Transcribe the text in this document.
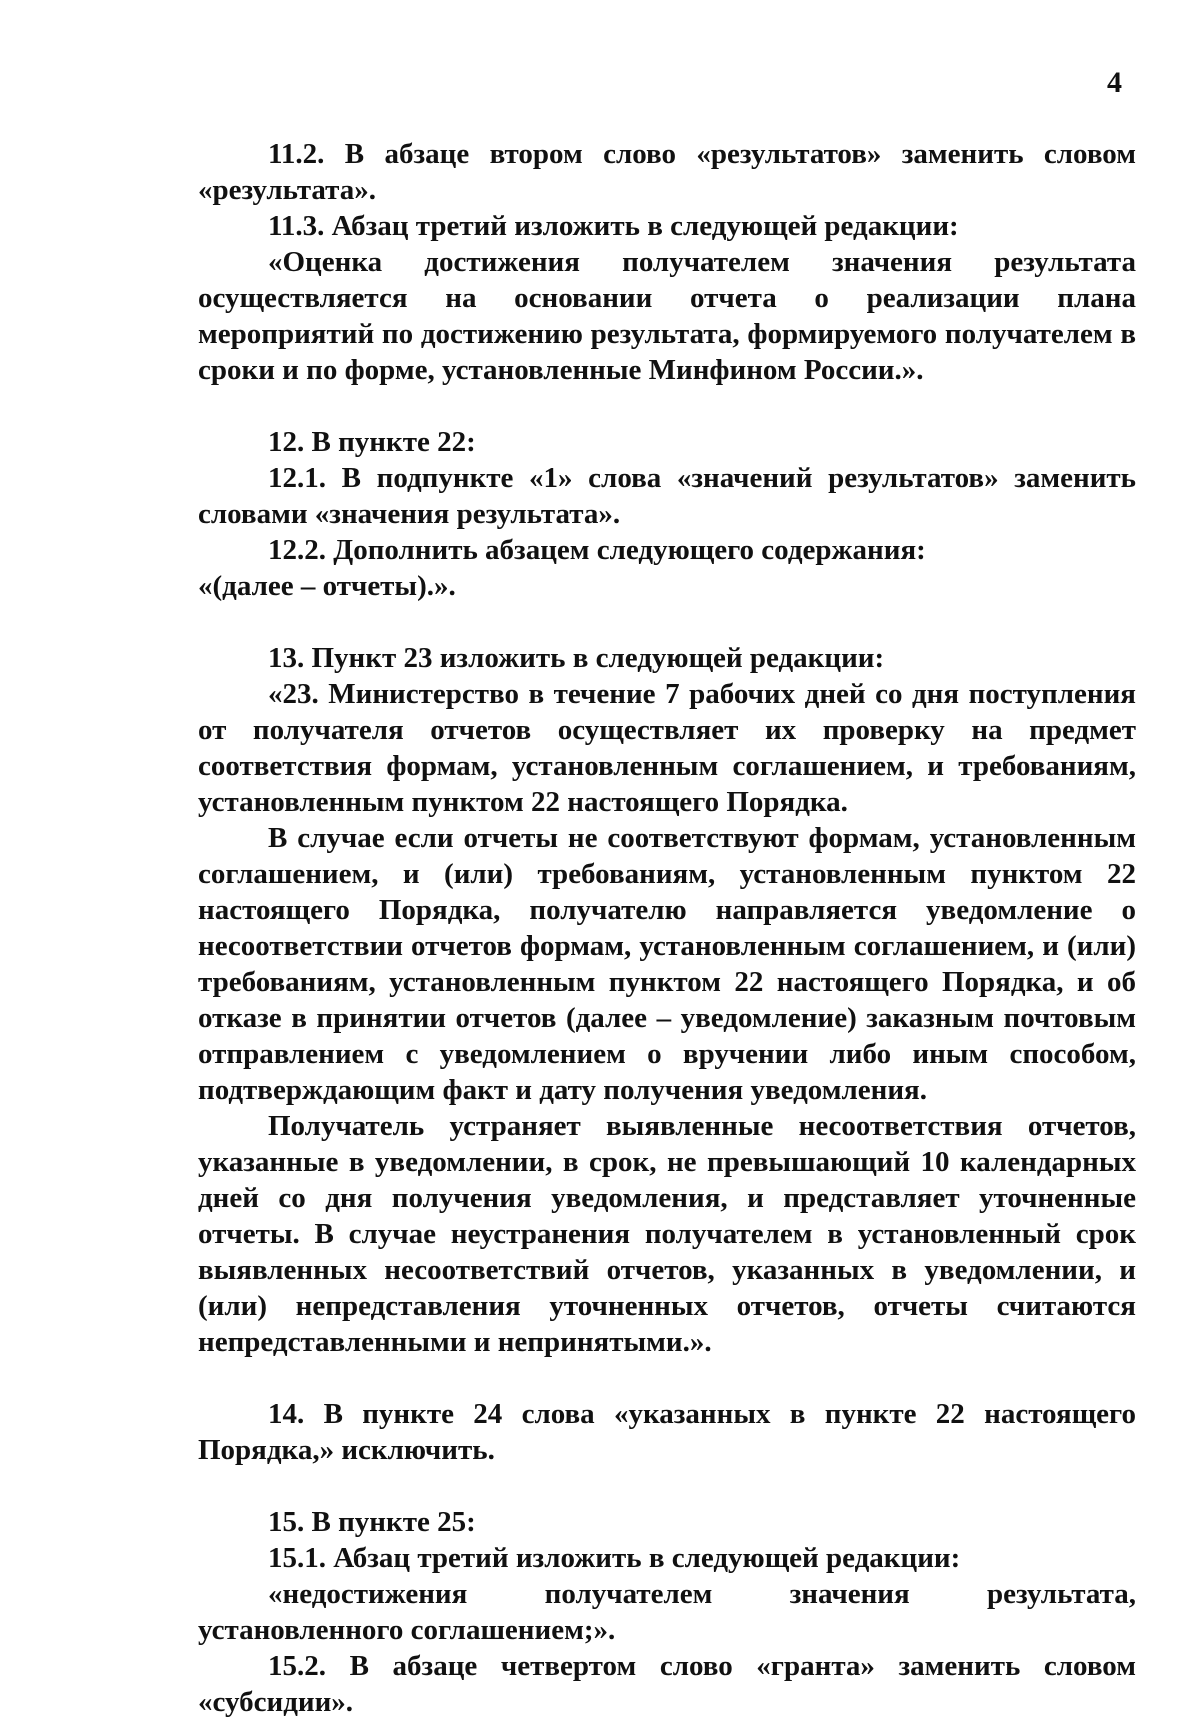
4

11.2. В абзаце втором слово «результатов» заменить словом «результата».

11.3. Абзац третий изложить в следующей редакции:

«Оценка достижения получателем значения результата осуществляется на основании отчета о реализации плана мероприятий по достижению результата, формируемого получателем в сроки и по форме, установленные Минфином России.».

12. В пункте 22:

12.1. В подпункте «1» слова «значений результатов» заменить словами «значения результата».

12.2. Дополнить абзацем следующего содержания:

«(далее – отчеты).».

13. Пункт 23 изложить в следующей редакции:

«23. Министерство в течение 7 рабочих дней со дня поступления от получателя отчетов осуществляет их проверку на предмет соответствия формам, установленным соглашением, и требованиям, установленным пунктом 22 настоящего Порядка.

В случае если отчеты не соответствуют формам, установленным соглашением, и (или) требованиям, установленным пунктом 22 настоящего Порядка, получателю направляется уведомление о несоответствии отчетов формам, установленным соглашением, и (или) требованиям, установленным пунктом 22 настоящего Порядка, и об отказе в принятии отчетов (далее – уведомление) заказным почтовым отправлением с уведомлением о вручении либо иным способом, подтверждающим факт и дату получения уведомления.

Получатель устраняет выявленные несоответствия отчетов, указанные в уведомлении, в срок, не превышающий 10 календарных дней со дня получения уведомления, и представляет уточненные отчеты. В случае неустранения получателем в установленный срок выявленных несоответствий отчетов, указанных в уведомлении, и (или) непредставления уточненных отчетов, отчеты считаются непредставленными и непринятыми.».

14. В пункте 24 слова «указанных в пункте 22 настоящего Порядка,» исключить.

15. В пункте 25:

15.1. Абзац третий изложить в следующей редакции:

«недостижения получателем значения результата, установленного соглашением;».

15.2. В абзаце четвертом слово «гранта» заменить словом «субсидии».
